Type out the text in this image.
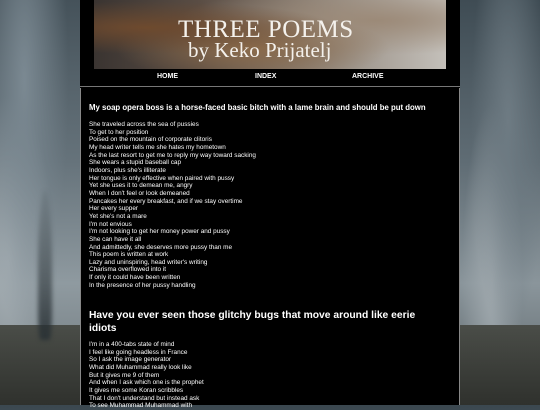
THREE POEMS
by Keko Prijatelj
HOME	INDEX	ARCHIVE
My soap opera boss is a horse-faced basic bitch with a lame brain and should be put down
She traveled across the sea of pussies
To get to her position
Poised on the mountain of corporate clitoris
My head writer tells me she hates my hometown
As the last resort to get me to reply my way toward sacking
She wears a stupid baseball cap
Indoors, plus she's illiterate
Her tongue is only effective when paired with pussy
Yet she uses it to demean me, angry
When I don't feel or look demeaned
Pancakes her every breakfast, and if we stay overtime
Her every supper
Yet she's not a mare
I'm not envious
I'm not looking to get her money power and pussy
She can have it all
And admittedly, she deserves more pussy than me
This poem is written at work
Lazy and uninspiring, head writer's writing
Charisma overflowed into it
If only it could have been written
In the presence of her pussy handling
Have you ever seen those glitchy bugs that move around like eerie idiots
I'm in a 400-tabs state of mind
I feel like going headless in France
So I ask the image generator
What did Muhammad really look like
But it gives me 9 of them
And when I ask which one is the prophet
It gives me some Koran scribbles
That I don't understand but instead ask
To see Muhammad Muhammad with
